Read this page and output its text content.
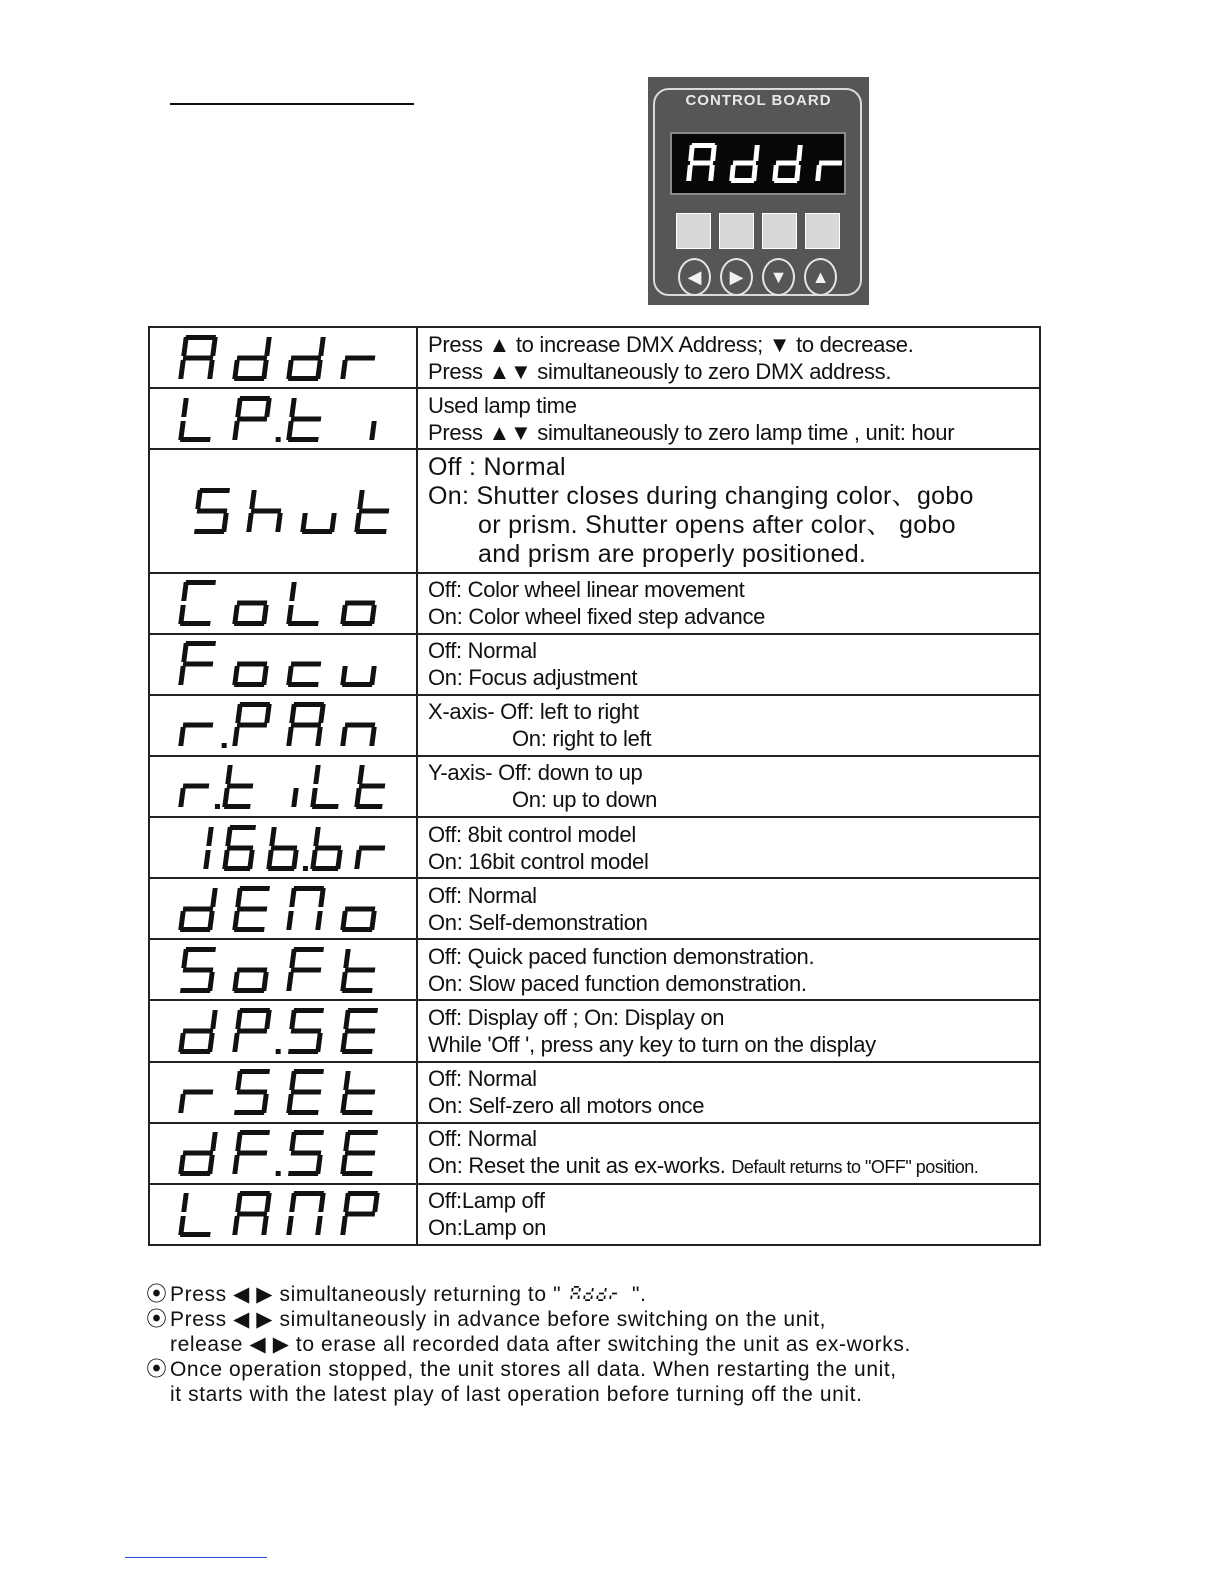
CONTROL BOARD
◀	▶	▼	▲

Press ▲ to increase DMX Address; ▼ to decrease.
Press ▲▼ simultaneously to zero DMX address.

Used lamp time
Press ▲▼ simultaneously to zero lamp time , unit: hour

Off : Normal
On: Shutter closes during changing color、gobo
or prism. Shutter opens after color、 gobo
and prism are properly positioned.

Off: Color wheel linear movement
On: Color wheel fixed step advance

Off: Normal
On: Focus adjustment

X-axis- Off: left to right
On: right to left

Y-axis- Off: down to up
On: up to down

Off: 8bit control model
On: 16bit control model

Off: Normal
On: Self-demonstration

Off: Quick paced function demonstration.
On: Slow paced function demonstration.

Off: Display off ; On: Display on
While 'Off ', press any key to turn on the display

Off: Normal
On: Self-zero all motors once

Off: Normal
On: Reset the unit as ex-works. Default returns to "OFF" position.

Off:Lamp off
On:Lamp on
⦿ Press ◀ ▶ simultaneously returning to "	".
⦿ Press ◀ ▶ simultaneously in advance before switching on the unit,
release ◀ ▶ to erase all recorded data after switching the unit as ex-works.
⦿ Once operation stopped, the unit stores all data. When restarting the unit,
it starts with the latest play of last operation before turning off the unit.
